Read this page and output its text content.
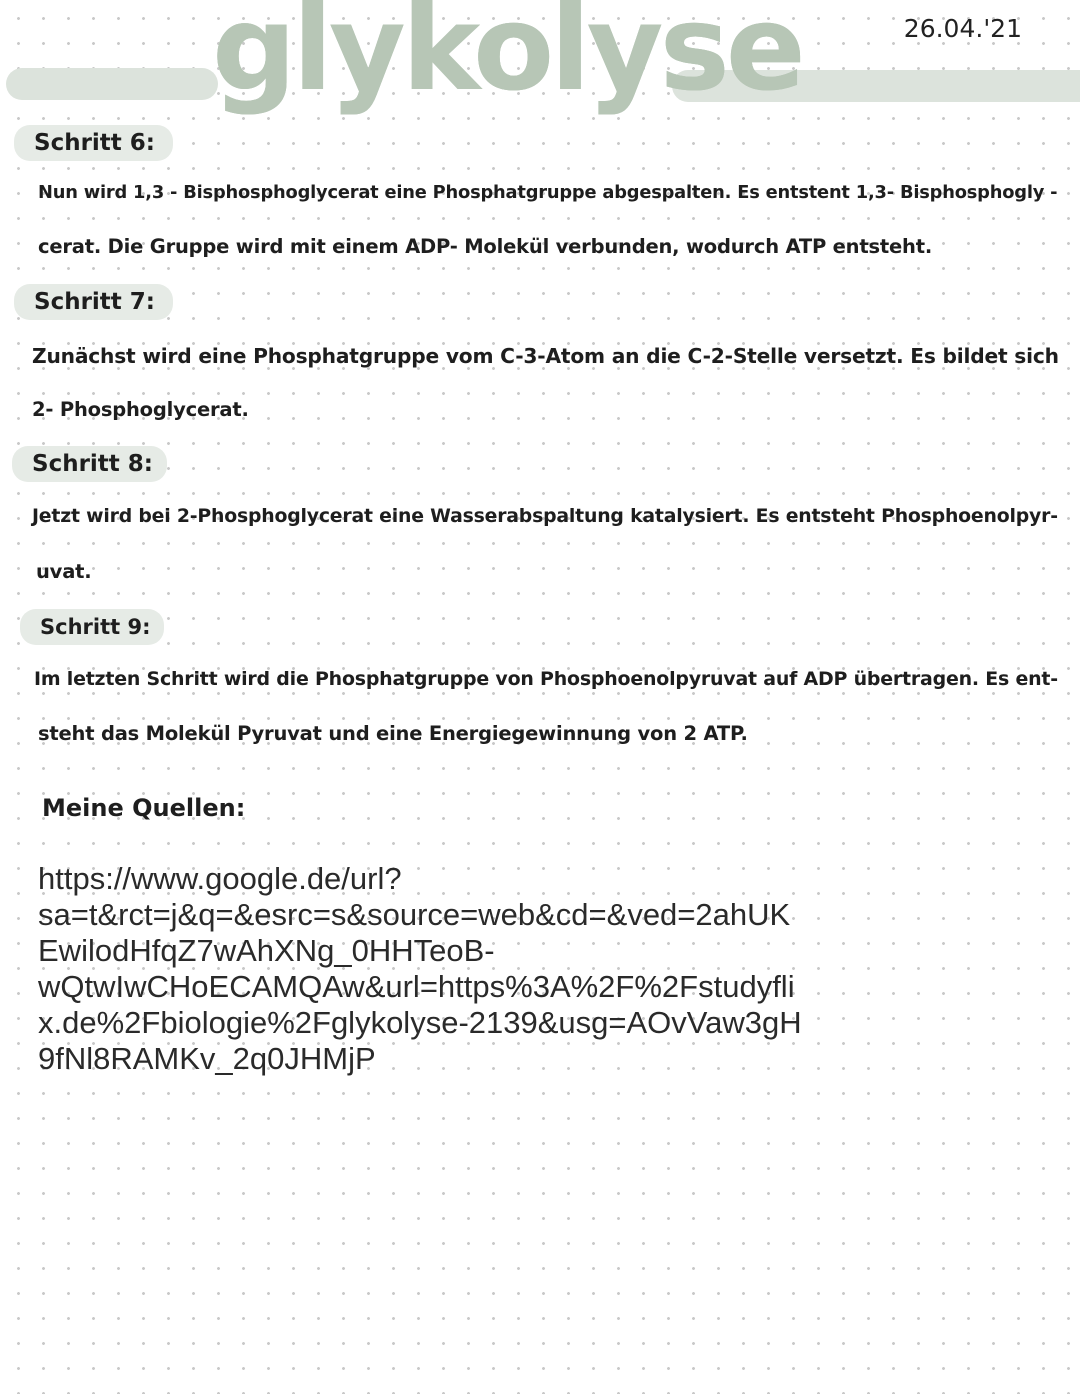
glykolyse	26.04.'21
Schritt 6:
Nun wird 1,3 - Bisphosphoglycerat eine Phosphatgruppe abgespalten. Es entstent 1,3- Bisphosphogly -
cerat. Die Gruppe wird mit einem ADP- Molekül verbunden, wodurch ATP entsteht.
Schritt 7:
Zunächst wird eine Phosphatgruppe vom C-3-Atom an die C-2-Stelle versetzt. Es bildet sich
2- Phosphoglycerat.
Schritt 8:
Jetzt wird bei 2-Phosphoglycerat eine Wasserabspaltung katalysiert. Es entsteht Phosphoenolpyr-
uvat.
Schritt 9:
Im letzten Schritt wird die Phosphatgruppe von Phosphoenolpyruvat auf ADP übertragen. Es ent-
steht das Molekül Pyruvat und eine Energiegewinnung von 2 ATP.
Meine Quellen:
https://www.google.de/url?
sa=t&rct=j&q=&esrc=s&source=web&cd=&ved=2ahUK
EwilodHfqZ7wAhXNg_0HHTeoB-
wQtwIwCHoECAMQAw&url=https%3A%2F%2Fstudyfli
x.de%2Fbiologie%2Fglykolyse-2139&usg=AOvVaw3gH
9fNl8RAMKv_2q0JHMjP
